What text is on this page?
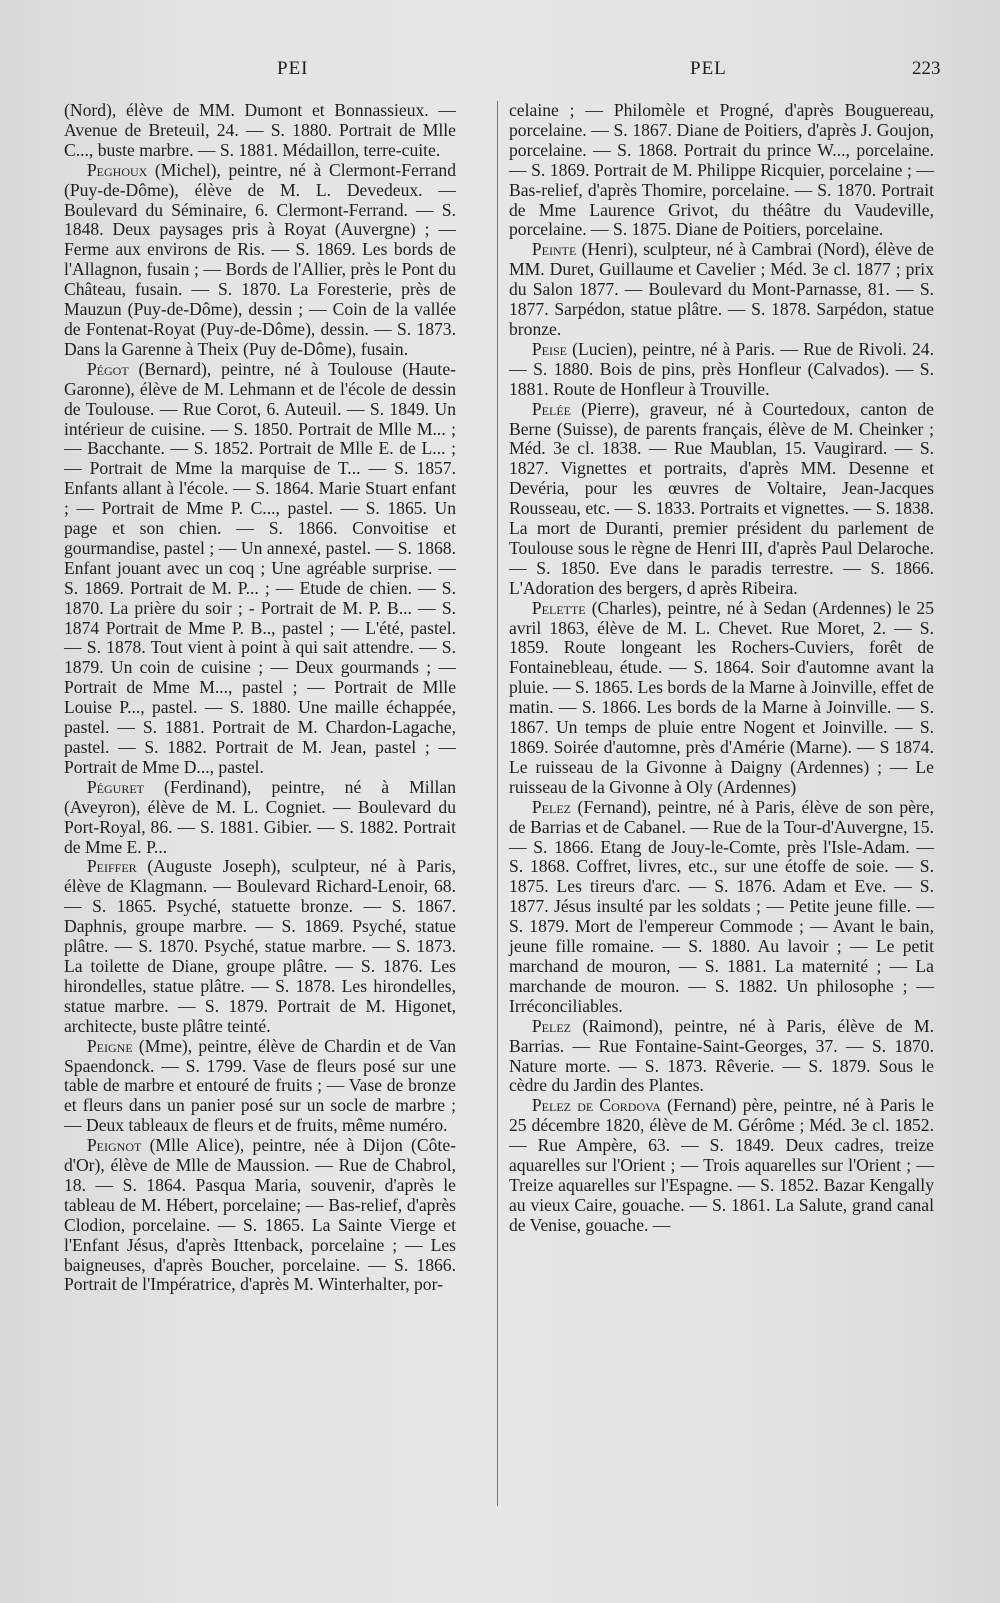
PEI	PEL	223

(Nord), élève de MM. Dumont et Bonnassieux. — Avenue de Breteuil, 24. — S. 1880. Portrait de Mlle C..., buste marbre. — S. 1881. Médaillon, terre-cuite.

Peghoux (Michel), peintre, né à Clermont-Ferrand (Puy-de-Dôme), élève de M. L. Devedeux. — Boulevard du Séminaire, 6. Clermont-Ferrand. — S. 1848. Deux paysages pris à Royat (Auvergne) ; — Ferme aux environs de Ris. — S. 1869. Les bords de l'Allagnon, fusain ; — Bords de l'Allier, près le Pont du Château, fusain. — S. 1870. La Foresterie, près de Mauzun (Puy-de-Dôme), dessin ; — Coin de la vallée de Fontenat-Royat (Puy-de-Dôme), dessin. — S. 1873. Dans la Garenne à Theix (Puy de-Dôme), fusain.

Pégot (Bernard), peintre, né à Toulouse (Haute-Garonne), élève de M. Lehmann et de l'école de dessin de Toulouse. — Rue Corot, 6. Auteuil. — S. 1849. Un intérieur de cuisine. — S. 1850. Portrait de Mlle M... ; — Bacchante. — S. 1852. Portrait de Mlle E. de L... ; — Portrait de Mme la marquise de T... — S. 1857. Enfants allant à l'école. — S. 1864. Marie Stuart enfant ; — Portrait de Mme P. C..., pastel. — S. 1865. Un page et son chien. — S. 1866. Convoitise et gourmandise, pastel ; — Un annexé, pastel. — S. 1868. Enfant jouant avec un coq ; Une agréable surprise. — S. 1869. Portrait de M. P... ; — Etude de chien. — S. 1870. La prière du soir ; - Portrait de M. P. B... — S. 1874 Portrait de Mme P. B.., pastel ; — L'été, pastel. — S. 1878. Tout vient à point à qui sait attendre. — S. 1879. Un coin de cuisine ; — Deux gourmands ; — Portrait de Mme M..., pastel ; — Portrait de Mlle Louise P..., pastel. — S. 1880. Une maille échappée, pastel. — S. 1881. Portrait de M. Chardon-Lagache, pastel. — S. 1882. Portrait de M. Jean, pastel ; — Portrait de Mme D..., pastel.

Péguret (Ferdinand), peintre, né à Millan (Aveyron), élève de M. L. Cogniet. — Boulevard du Port-Royal, 86. — S. 1881. Gibier. — S. 1882. Portrait de Mme E. P...

Peiffer (Auguste Joseph), sculpteur, né à Paris, élève de Klagmann. — Boulevard Richard-Lenoir, 68. — S. 1865. Psyché, statuette bronze. — S. 1867. Daphnis, groupe marbre. — S. 1869. Psyché, statue plâtre. — S. 1870. Psyché, statue marbre. — S. 1873. La toilette de Diane, groupe plâtre. — S. 1876. Les hirondelles, statue plâtre. — S. 1878. Les hirondelles, statue marbre. — S. 1879. Portrait de M. Higonet, architecte, buste plâtre teinté.

Peigne (Mme), peintre, élève de Chardin et de Van Spaendonck. — S. 1799. Vase de fleurs posé sur une table de marbre et entouré de fruits ; — Vase de bronze et fleurs dans un panier posé sur un socle de marbre ; — Deux tableaux de fleurs et de fruits, même numéro.

Peignot (Mlle Alice), peintre, née à Dijon (Côte-d'Or), élève de Mlle de Maussion. — Rue de Chabrol, 18. — S. 1864. Pasqua Maria, souvenir, d'après le tableau de M. Hébert, porcelaine; — Bas-relief, d'après Clodion, porcelaine. — S. 1865. La Sainte Vierge et l'Enfant Jésus, d'après Ittenback, porcelaine ; — Les baigneuses, d'après Boucher, porcelaine. — S. 1866. Portrait de l'Impératrice, d'après M. Winterhalter, por-

celaine ; — Philomèle et Progné, d'après Bouguereau, porcelaine. — S. 1867. Diane de Poitiers, d'après J. Goujon, porcelaine. — S. 1868. Portrait du prince W..., porcelaine. — S. 1869. Portrait de M. Philippe Ricquier, porcelaine ; — Bas-relief, d'après Thomire, porcelaine. — S. 1870. Portrait de Mme Laurence Grivot, du théâtre du Vaudeville, porcelaine. — S. 1875. Diane de Poitiers, porcelaine.

Peinte (Henri), sculpteur, né à Cambrai (Nord), élève de MM. Duret, Guillaume et Cavelier ; Méd. 3e cl. 1877 ; prix du Salon 1877. — Boulevard du Mont-Parnasse, 81. — S. 1877. Sarpédon, statue plâtre. — S. 1878. Sarpédon, statue bronze.

Peise (Lucien), peintre, né à Paris. — Rue de Rivoli. 24. — S. 1880. Bois de pins, près Honfleur (Calvados). — S. 1881. Route de Honfleur à Trouville.

Pelée (Pierre), graveur, né à Courtedoux, canton de Berne (Suisse), de parents français, élève de M. Cheinker ; Méd. 3e cl. 1838. — Rue Maublan, 15. Vaugirard. — S. 1827. Vignettes et portraits, d'après MM. Desenne et Devéria, pour les œuvres de Voltaire, Jean-Jacques Rousseau, etc. — S. 1833. Portraits et vignettes. — S. 1838. La mort de Duranti, premier président du parlement de Toulouse sous le règne de Henri III, d'après Paul Delaroche. — S. 1850. Eve dans le paradis terrestre. — S. 1866. L'Adoration des bergers, d après Ribeira.

Pelette (Charles), peintre, né à Sedan (Ardennes) le 25 avril 1863, élève de M. L. Chevet. Rue Moret, 2. — S. 1859. Route longeant les Rochers-Cuviers, forêt de Fontainebleau, étude. — S. 1864. Soir d'automne avant la pluie. — S. 1865. Les bords de la Marne à Joinville, effet de matin. — S. 1866. Les bords de la Marne à Joinville. — S. 1867. Un temps de pluie entre Nogent et Joinville. — S. 1869. Soirée d'automne, près d'Amérie (Marne). — S 1874. Le ruisseau de la Givonne à Daigny (Ardennes) ; — Le ruisseau de la Givonne à Oly (Ardennes)

Pelez (Fernand), peintre, né à Paris, élève de son père, de Barrias et de Cabanel. — Rue de la Tour-d'Auvergne, 15. — S. 1866. Etang de Jouy-le-Comte, près l'Isle-Adam. — S. 1868. Coffret, livres, etc., sur une étoffe de soie. — S. 1875. Les tireurs d'arc. — S. 1876. Adam et Eve. — S. 1877. Jésus insulté par les soldats ; — Petite jeune fille. — S. 1879. Mort de l'empereur Commode ; — Avant le bain, jeune fille romaine. — S. 1880. Au lavoir ; — Le petit marchand de mouron, — S. 1881. La maternité ; — La marchande de mouron. — S. 1882. Un philosophe ; — Irréconciliables.

Pelez (Raimond), peintre, né à Paris, élève de M. Barrias. — Rue Fontaine-Saint-Georges, 37. — S. 1870. Nature morte. — S. 1873. Rêverie. — S. 1879. Sous le cèdre du Jardin des Plantes.

Pelez de Cordova (Fernand) père, peintre, né à Paris le 25 décembre 1820, élève de M. Gérôme ; Méd. 3e cl. 1852. — Rue Ampère, 63. — S. 1849. Deux cadres, treize aquarelles sur l'Orient ; — Trois aquarelles sur l'Orient ; — Treize aquarelles sur l'Espagne. — S. 1852. Bazar Kengally au vieux Caire, gouache. — S. 1861. La Salute, grand canal de Venise, gouache. —
